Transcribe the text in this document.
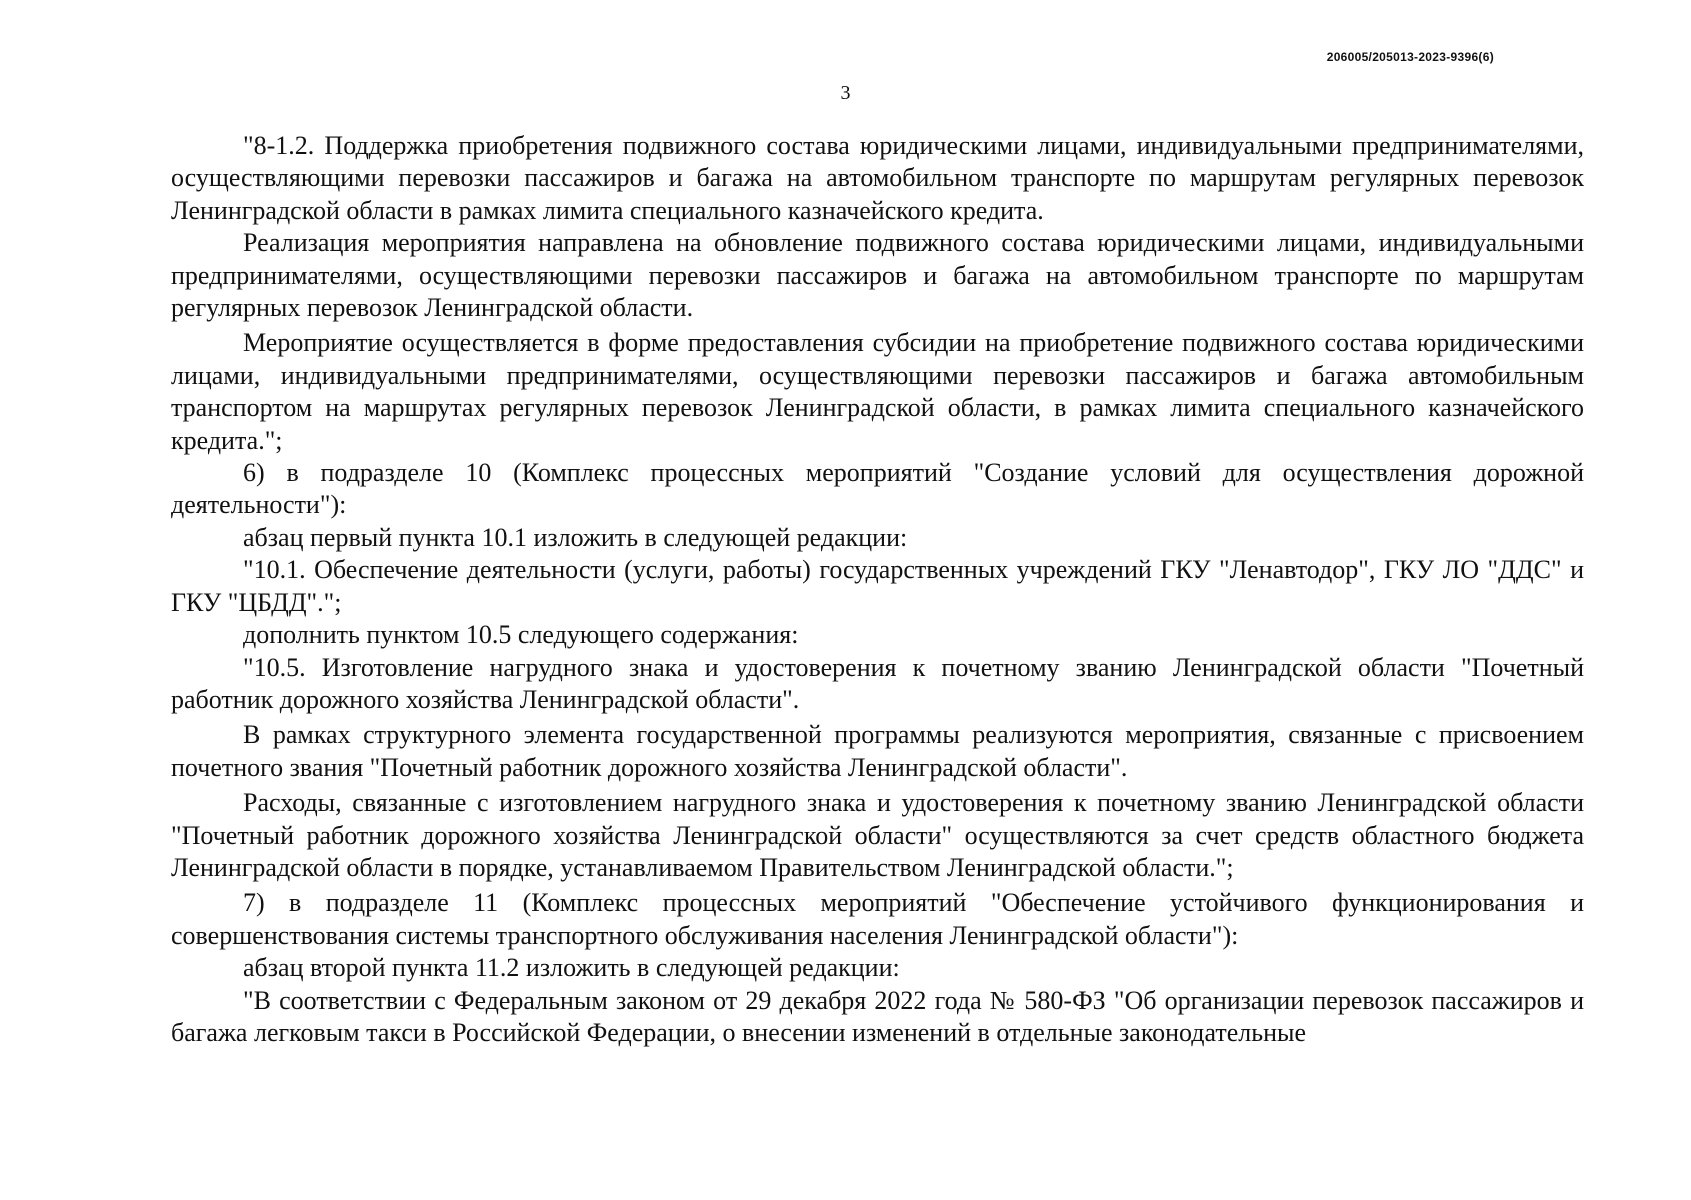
206005/205013-2023-9396(6)
3

"8-1.2. Поддержка приобретения подвижного состава юридическими лицами, индивидуальными предпринимателями, осуществляющими перевозки пассажиров и багажа на автомобильном транспорте по маршрутам регулярных перевозок Ленинградской области в рамках лимита специального казначейского кредита.

Реализация мероприятия направлена на обновление подвижного состава юридическими лицами, индивидуальными предпринимателями, осуществляющими перевозки пассажиров и багажа на автомобильном транспорте по маршрутам регулярных перевозок Ленинградской области.

Мероприятие осуществляется в форме предоставления субсидии на приобретение подвижного состава юридическими лицами, индивидуальными предпринимателями, осуществляющими перевозки пассажиров и багажа автомобильным транспортом на маршрутах регулярных перевозок Ленинградской области, в рамках лимита специального казначейского кредита.";

6) в подразделе 10 (Комплекс процессных мероприятий "Создание условий для осуществления дорожной деятельности"):

абзац первый пункта 10.1 изложить в следующей редакции:

"10.1. Обеспечение деятельности (услуги, работы) государственных учреждений ГКУ "Ленавтодор", ГКУ ЛО "ДДС" и ГКУ "ЦБДД".";

дополнить пунктом 10.5 следующего содержания:

"10.5. Изготовление нагрудного знака и удостоверения к почетному званию Ленинградской области "Почетный работник дорожного хозяйства Ленинградской области".

В рамках структурного элемента государственной программы реализуются мероприятия, связанные с присвоением почетного звания "Почетный работник дорожного хозяйства Ленинградской области".

Расходы, связанные с изготовлением нагрудного знака и удостоверения к почетному званию Ленинградской области "Почетный работник дорожного хозяйства Ленинградской области" осуществляются за счет средств областного бюджета Ленинградской области в порядке, устанавливаемом Правительством Ленинградской области.";

7) в подразделе 11 (Комплекс процессных мероприятий "Обеспечение устойчивого функционирования и совершенствования системы транспортного обслуживания населения Ленинградской области"):

абзац второй пункта 11.2 изложить в следующей редакции:

"В соответствии с Федеральным законом от 29 декабря 2022 года № 580-ФЗ "Об организации перевозок пассажиров и багажа легковым такси в Российской Федерации, о внесении изменений в отдельные законодательные
